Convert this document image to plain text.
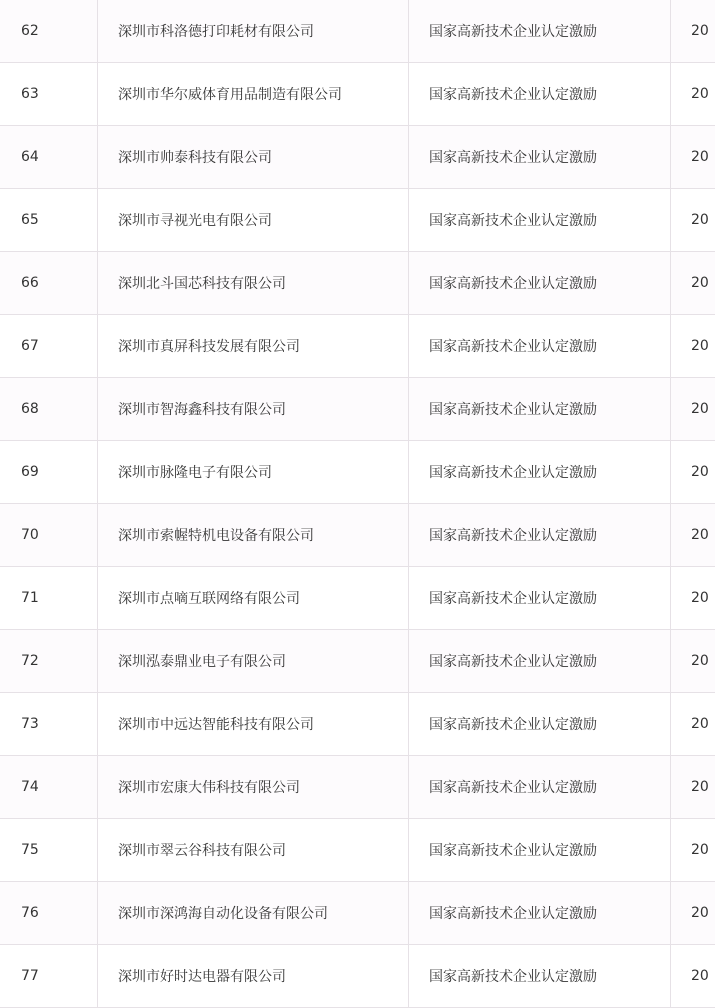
62	深圳市科洛德打印耗材有限公司	国家高新技术企业认定激励	20
63	深圳市华尔威体育用品制造有限公司	国家高新技术企业认定激励	20
64	深圳市帅泰科技有限公司	国家高新技术企业认定激励	20
65	深圳市寻视光电有限公司	国家高新技术企业认定激励	20
66	深圳北斗国芯科技有限公司	国家高新技术企业认定激励	20
67	深圳市真屏科技发展有限公司	国家高新技术企业认定激励	20
68	深圳市智海鑫科技有限公司	国家高新技术企业认定激励	20
69	深圳市脉隆电子有限公司	国家高新技术企业认定激励	20
70	深圳市索幄特机电设备有限公司	国家高新技术企业认定激励	20
71	深圳市点嘀互联网络有限公司	国家高新技术企业认定激励	20
72	深圳泓泰鼎业电子有限公司	国家高新技术企业认定激励	20
73	深圳市中远达智能科技有限公司	国家高新技术企业认定激励	20
74	深圳市宏康大伟科技有限公司	国家高新技术企业认定激励	20
75	深圳市翠云谷科技有限公司	国家高新技术企业认定激励	20
76	深圳市深鸿海自动化设备有限公司	国家高新技术企业认定激励	20
77	深圳市好时达电器有限公司	国家高新技术企业认定激励	20
